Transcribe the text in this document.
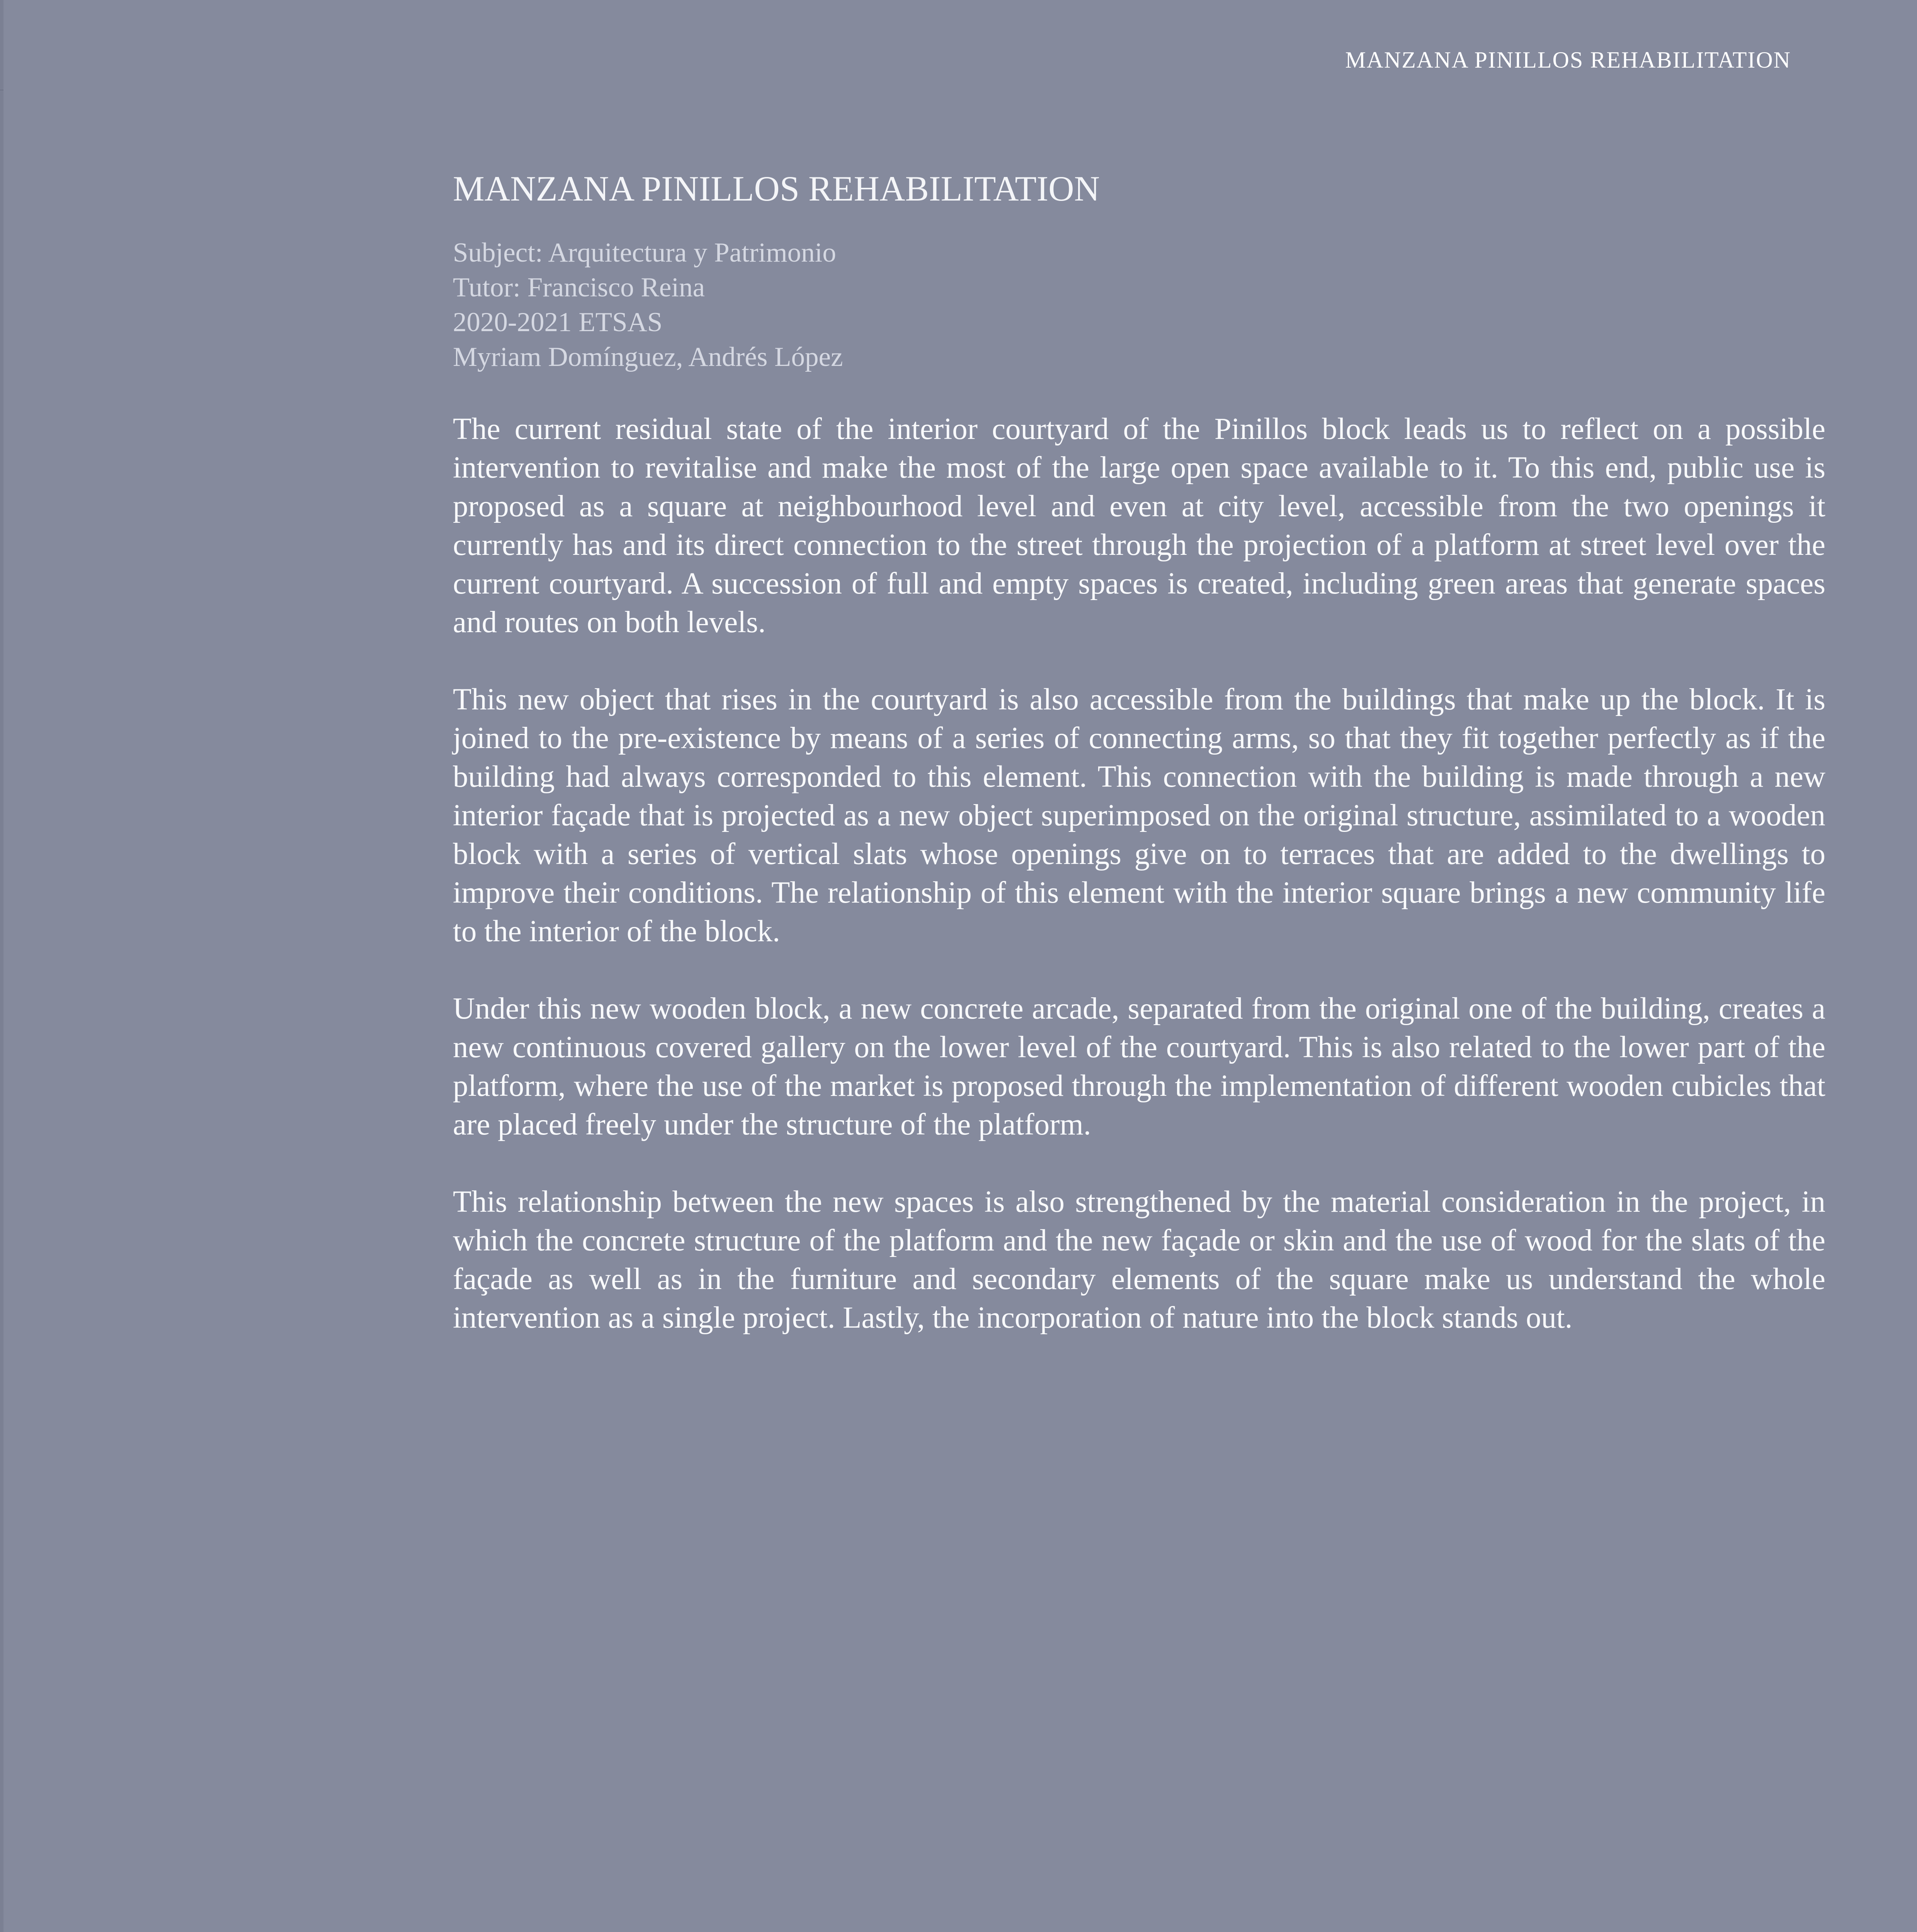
MANZANA PINILLOS REHABILITATION
MANZANA PINILLOS REHABILITATION
Subject: Arquitectura y Patrimonio
Tutor: Francisco Reina
2020-2021 ETSAS
Myriam Domínguez, Andrés López

The current residual state of the interior courtyard of the Pinillos block leads us to reflect on a possible intervention to revitalise and make the most of the large open space available to it. To this end, public use is proposed as a square at neighbourhood level and even at city level, accessible from the two openings it currently has and its direct connection to the street through the projection of a platform at street level over the current courtyard. A succession of full and empty spaces is created, including green areas that generate spaces and routes on both levels.

This new object that rises in the courtyard is also accessible from the buildings that make up the block. It is joined to the pre-existence by means of a series of connecting arms, so that they fit together perfectly as if the building had always corresponded to this element. This connection with the building is made through a new interior façade that is projected as a new object superimposed on the original structure, assimilated to a wooden block with a series of vertical slats whose openings give on to terraces that are added to the dwellings to improve their conditions. The relationship of this element with the interior square brings a new community life to the interior of the block.

Under this new wooden block, a new concrete arcade, separated from the original one of the building, creates a new continuous covered gallery on the lower level of the courtyard. This is also related to the lower part of the platform, where the use of the market is proposed through the implementation of different wooden cubicles that are placed freely under the structure of the platform.

This relationship between the new spaces is also strengthened by the material consideration in the project, in which the concrete structure of the platform and the new façade or skin and the use of wood for the slats of the façade as well as in the furniture and secondary elements of the square make us understand the whole intervention as a single project. Lastly, the incorporation of nature into the block stands out.
